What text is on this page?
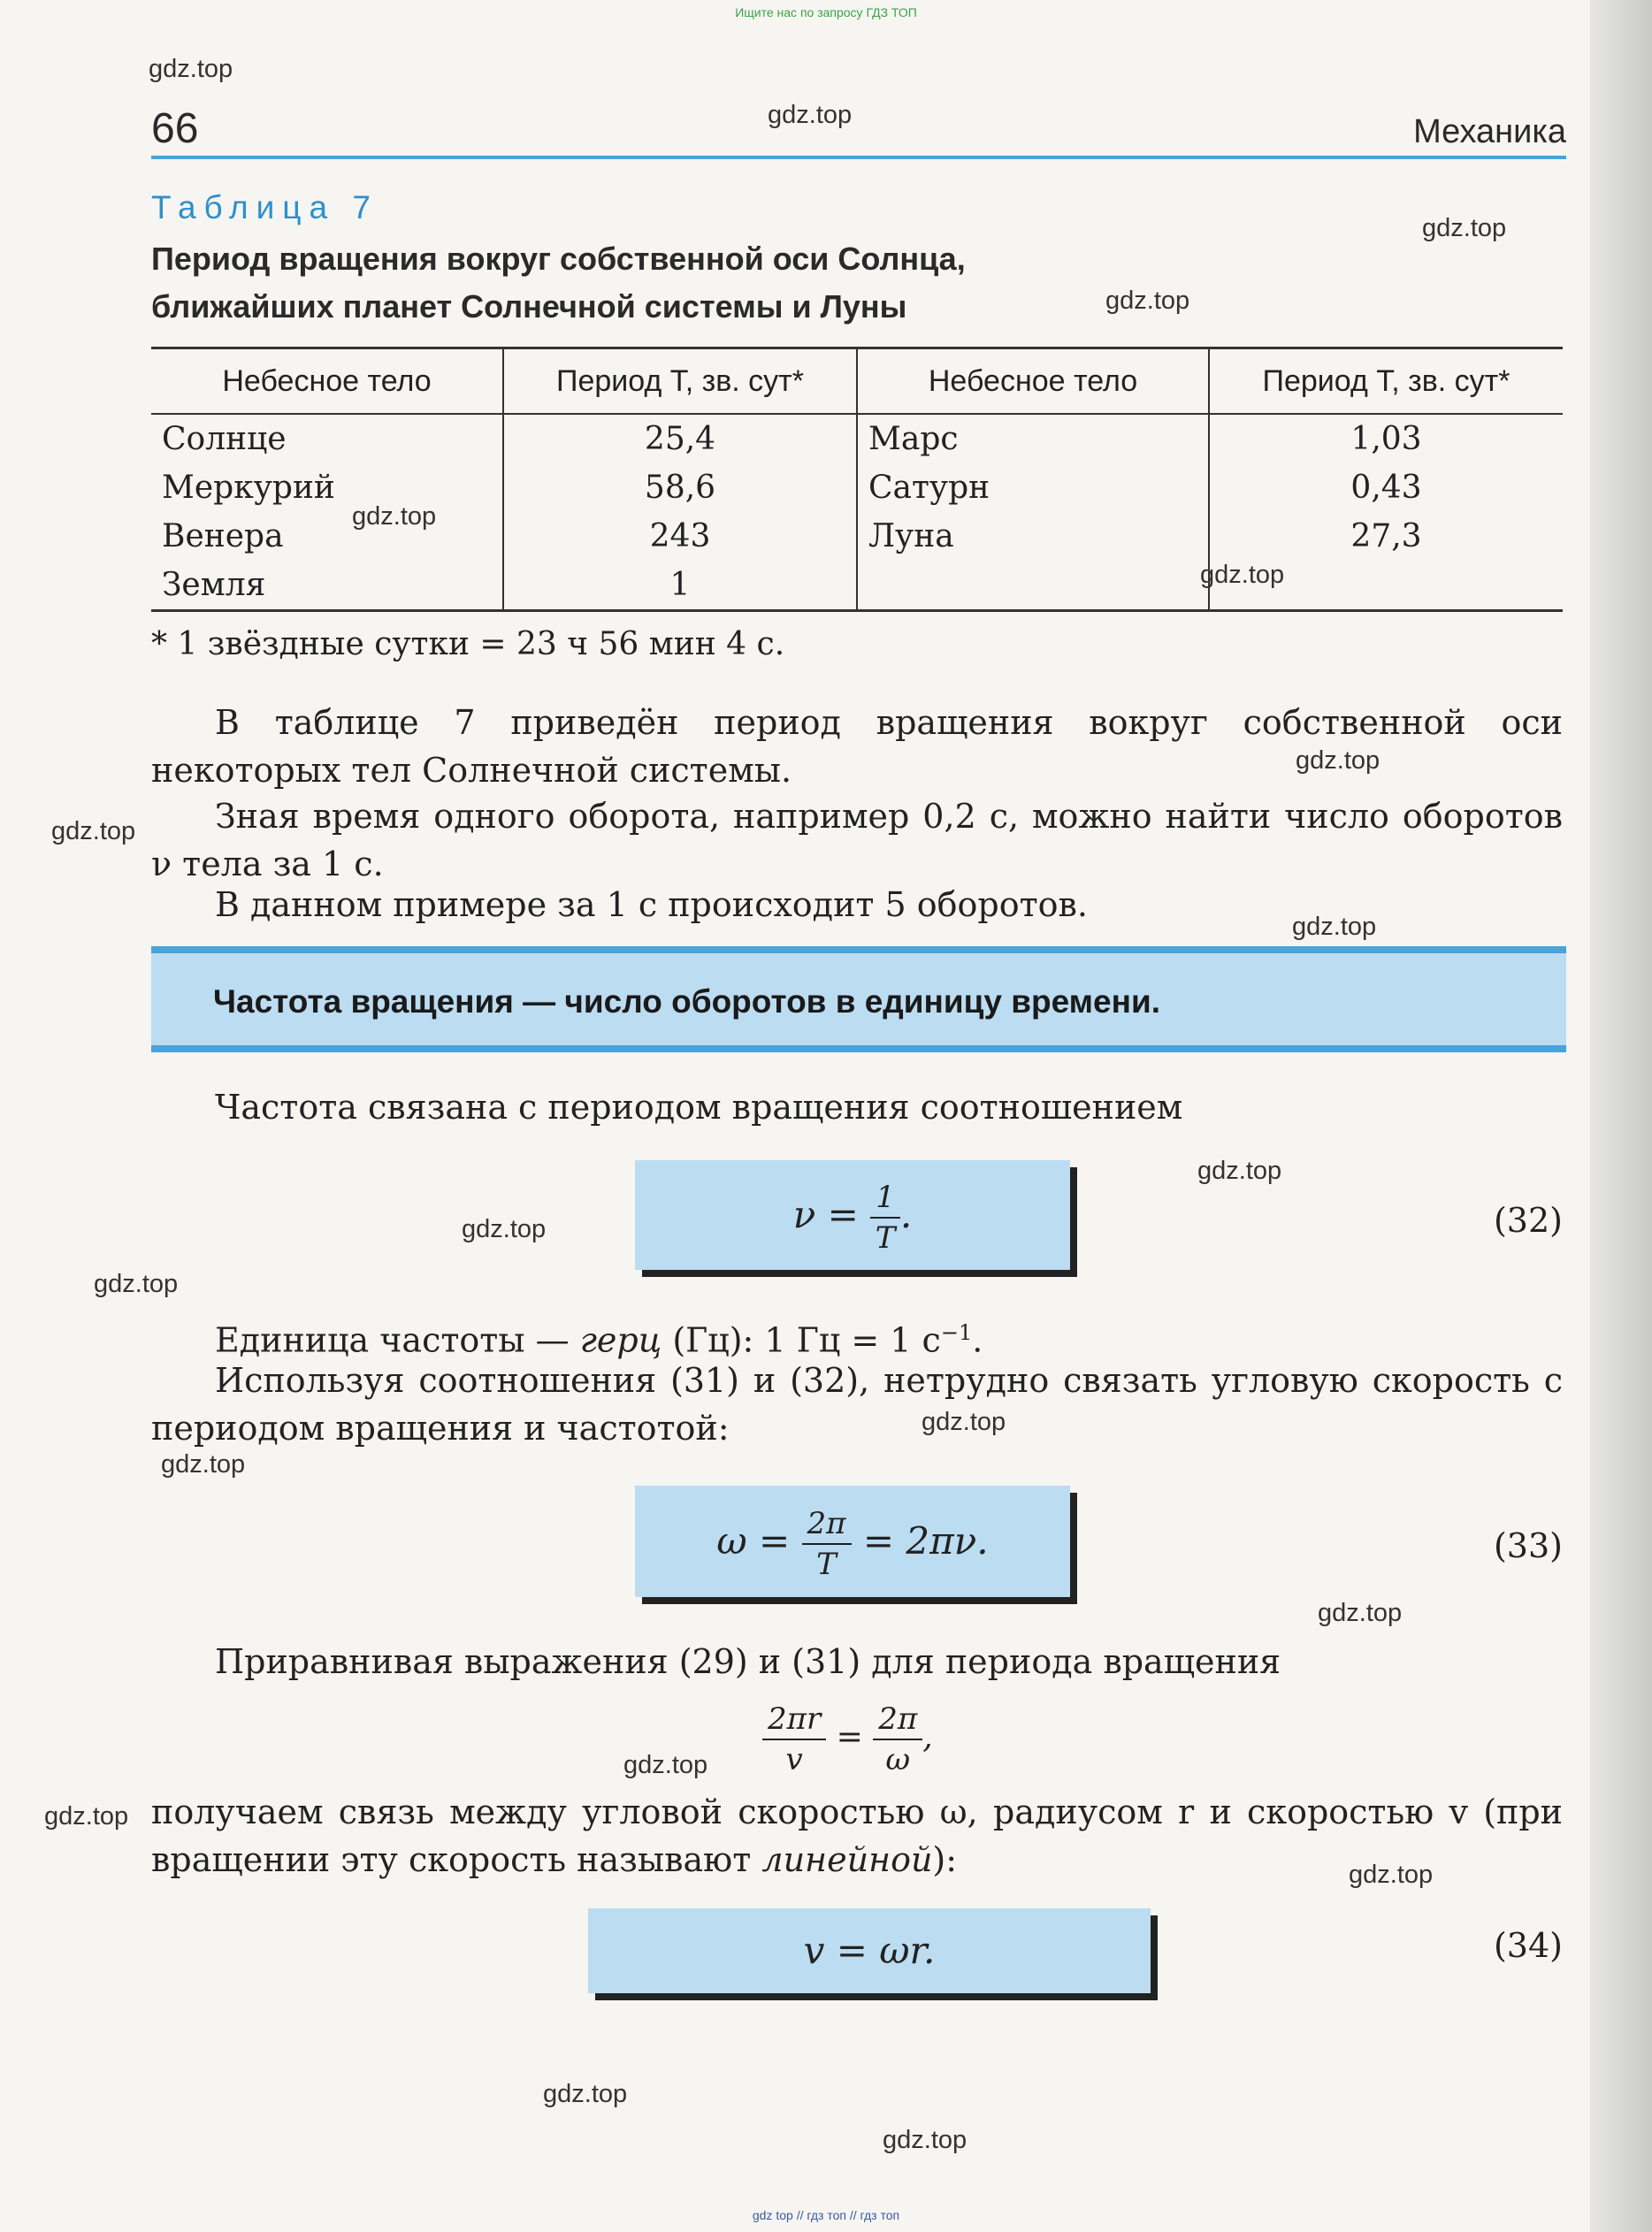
Ищите нас по запросу ГДЗ ТОП
66	Механика
Таблица 7
Период вращения вокруг собственной оси Солнца,
ближайших планет Солнечной системы и Луны
Небесное тело	Период T, зв. сут*	Небесное тело	Период T, зв. сут*
Солнце	25,4	Марс	1,03
Меркурий	58,6	Сатурн	0,43
Венера	243	Луна	27,3
Земля	1		
* 1 звёздные сутки = 23 ч 56 мин 4 с.
В таблице 7 приведён период вращения вокруг собственной оси некоторых тел Солнечной системы.
Зная время одного оборота, например 0,2 с, можно найти число оборотов ν тела за 1 с.
В данном примере за 1 с происходит 5 оборотов.
Частота вращения — число оборотов в единицу времени.
Частота связана с периодом вращения соотношением
$\nu = \frac{1}{T}$ .	(32)
Единица частоты — герц (Гц): 1 Гц = 1 $с^{-1}$.
Используя соотношения (31) и (32), нетрудно связать угловую скорость с периодом вращения и частотой:
$\omega = \frac{2\pi}{T} = 2\pi\nu$.	(33)
Приравнивая выражения (29) и (31) для периода вращения
$\frac{2\pi r}{v} = \frac{2\pi}{\omega}$ ,
получаем связь между угловой скоростью ω, радиусом r и скоростью v (при вращении эту скорость называют линейной):
v = ωr.	(34)
gdz.top
gdz.top
gdz.top
gdz.top
gdz.top
gdz.top
gdz.top
gdz.top
gdz.top
gdz.top
gdz.top
gdz.top
gdz.top
gdz.top
gdz.top
gdz.top
gdz.top
gdz.top
gdz.top
gdz.top
gdz top // гдз топ // гдз топ
